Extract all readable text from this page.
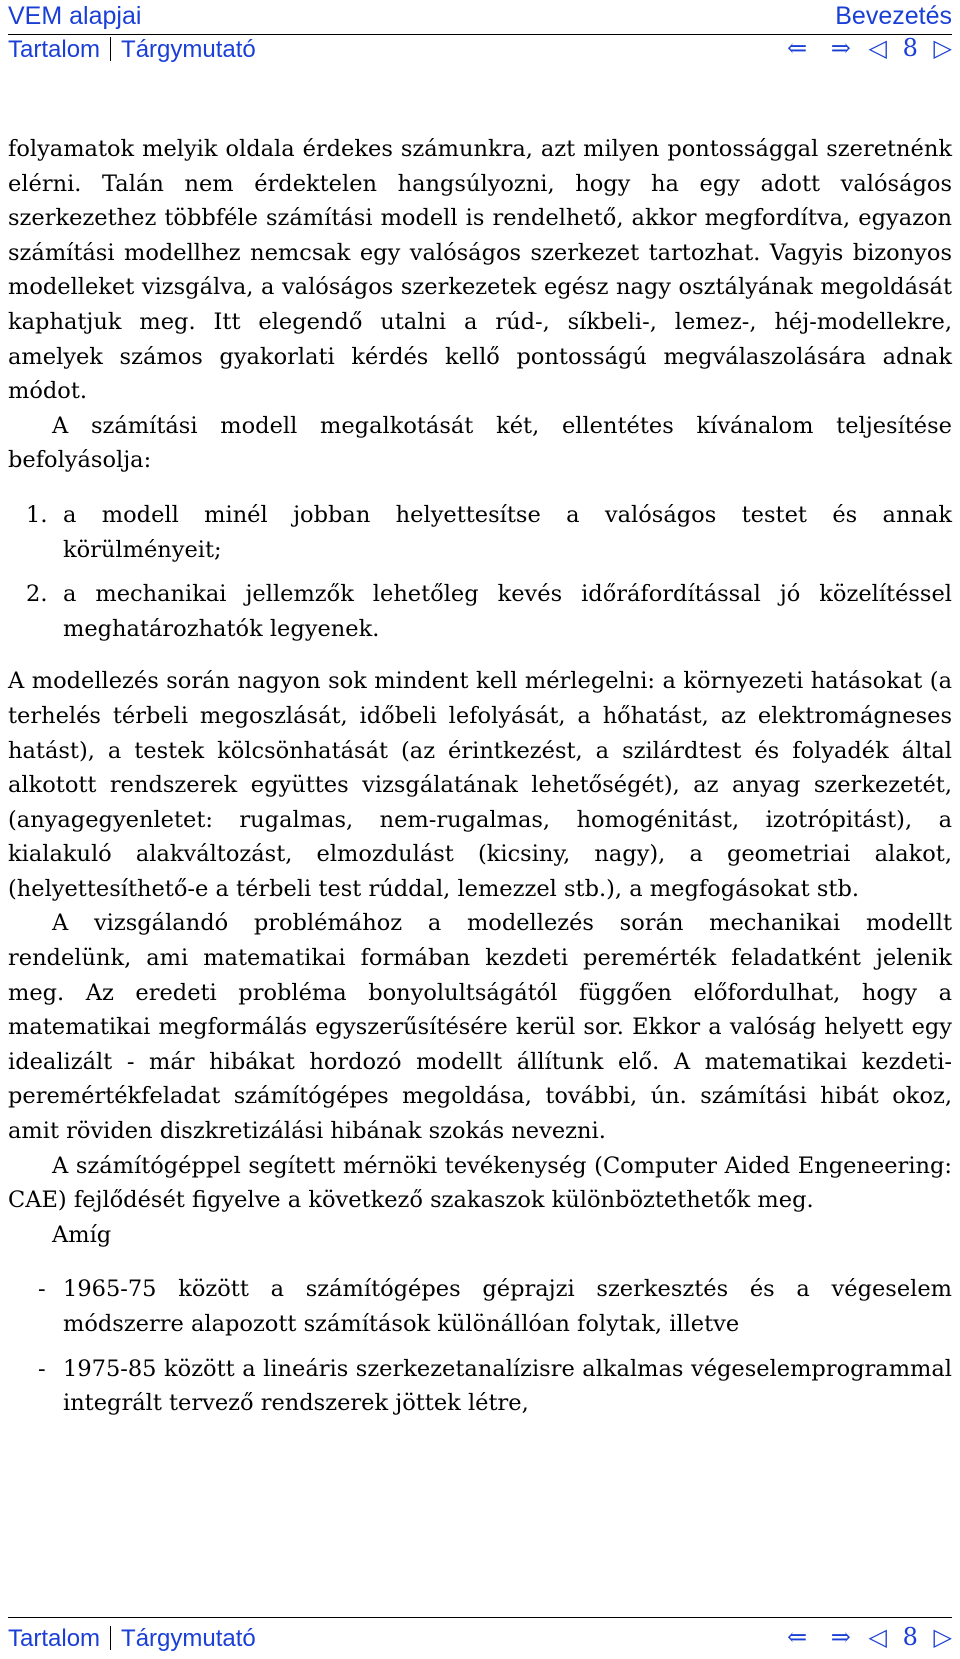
VEM alapjai	Bevezetés
Tartalom Tárgymutató	⇐ ⇒ ◁ 8 ▷

folyamatok melyik oldala érdekes számunkra, azt milyen pontossággal szeretnénk elérni. Talán nem érdektelen hangsúlyozni, hogy ha egy adott valóságos szerkezethez többféle számítási modell is rendelhető, akkor megfordítva, egyazon számítási modellhez nemcsak egy valóságos szerkezet tartozhat. Vagyis bizonyos modelleket vizsgálva, a valóságos szerkezetek egész nagy osztályának megoldását kaphatjuk meg. Itt elegendő utalni a rúd-, síkbeli-, lemez-, héj-modellekre, amelyek számos gyakorlati kérdés kellő pontosságú megválaszolására adnak módot.

A számítási modell megalkotását két, ellentétes kívánalom teljesítése befolyásolja:

1. a modell minél jobban helyettesítse a valóságos testet és annak körülményeit;
2. a mechanikai jellemzők lehetőleg kevés időráfordítással jó közelítéssel meghatározhatók legyenek.

A modellezés során nagyon sok mindent kell mérlegelni: a környezeti hatásokat (a terhelés térbeli megoszlását, időbeli lefolyását, a hőhatást, az elektromágneses hatást), a testek kölcsönhatását (az érintkezést, a szilárdtest és folyadék által alkotott rendszerek együttes vizsgálatának lehetőségét), az anyag szerkezetét, (anyagegyenletet: rugalmas, nem-rugalmas, homogénitást, izotrópitást), a kialakuló alakváltozást, elmozdulást (kicsiny, nagy), a geometriai alakot, (helyettesíthető-e a térbeli test rúddal, lemezzel stb.), a megfogásokat stb.

A vizsgálandó problémához a modellezés során mechanikai modellt rendelünk, ami matematikai formában kezdeti peremérték feladatként jelenik meg. Az eredeti probléma bonyolultságától függően előfordulhat, hogy a matematikai megformálás egyszerűsítésére kerül sor. Ekkor a valóság helyett egy idealizált - már hibákat hordozó modellt állítunk elő. A matematikai kezdeti-peremértékfeladat számítógépes megoldása, további, ún. számítási hibát okoz, amit röviden diszkretizálási hibának szokás nevezni.

A számítógéppel segített mérnöki tevékenység (Computer Aided Engeneering: CAE) fejlődését figyelve a következő szakaszok különböztethetők meg.

Amíg

- 1965-75 között a számítógépes géprajzi szerkesztés és a végeselem módszerre alapozott számítások különállóan folytak, illetve
- 1975-85 között a lineáris szerkezetanalízisre alkalmas végeselemprogrammal integrált tervező rendszerek jöttek létre,
Tartalom Tárgymutató	⇐ ⇒ ◁ 8 ▷
